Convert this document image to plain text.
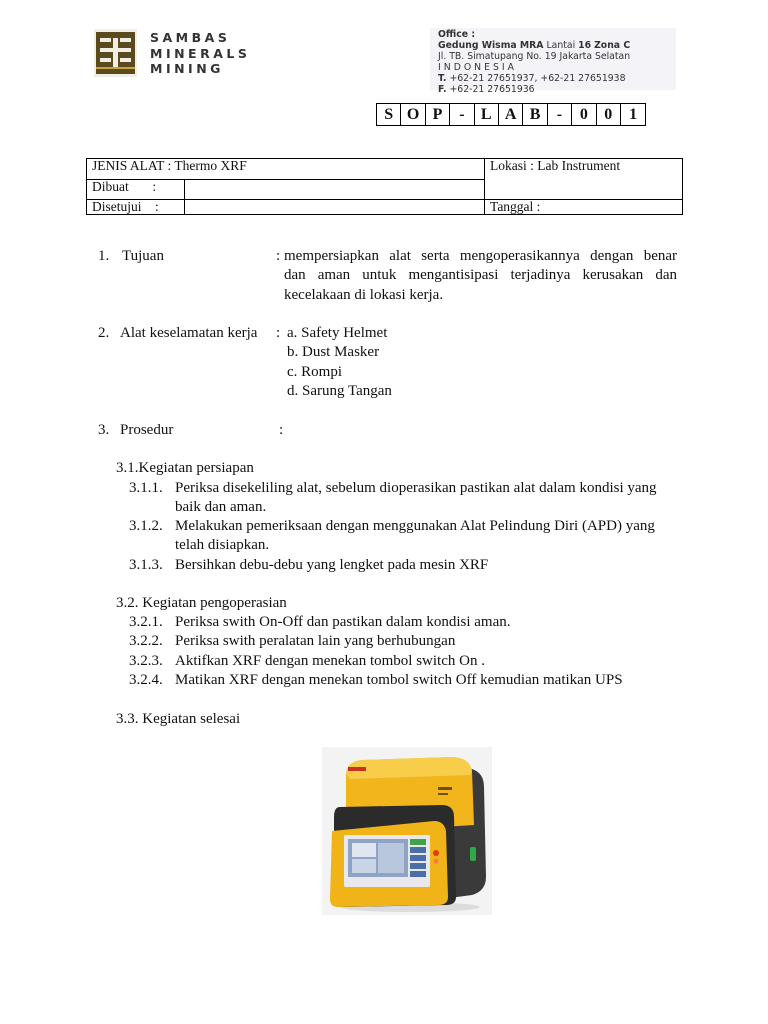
SAMBAS
MINERALS
MINING
Office :
Gedung Wisma MRA Lantai 16 Zona C
Jl. TB. Simatupang No. 19 Jakarta Selatan
INDONESIA
T. +62-21 27651937, +62-21 27651938
F. +62-21 27651936
S O P	-	L A B	-	0	0	1
JENIS ALAT : Thermo XRF		Lokasi : Lab Instrument
Dibuat       :		
Disetujui    :		Tanggal :
1. Tujuan	: mempersiapkan alat serta mengoperasikannya dengan benar
dan aman untuk mengantisipasi terjadinya kerusakan dan kecelakaan di lokasi kerja.
2. Alat keselamatan kerja : a. Safety Helmet
b. Dust Masker
c. Rompi
d. Sarung Tangan
3. Prosedur	:
3.1.Kegiatan persiapan
3.1.1. Periksa disekeliling alat, sebelum dioperasikan pastikan alat dalam kondisi yang
baik dan aman.
3.1.2. Melakukan pemeriksaan dengan menggunakan Alat Pelindung Diri (APD) yang
telah disiapkan.
3.1.3. Bersihkan debu-debu yang lengket pada mesin XRF
3.2. Kegiatan pengoperasian
3.2.1. Periksa swith On-Off dan pastikan dalam kondisi aman.
3.2.2. Periksa swith peralatan lain yang berhubungan
3.2.3. Aktifkan XRF dengan menekan tombol switch On .
3.2.4. Matikan XRF dengan menekan tombol switch Off kemudian matikan UPS
3.3. Kegiatan selesai
